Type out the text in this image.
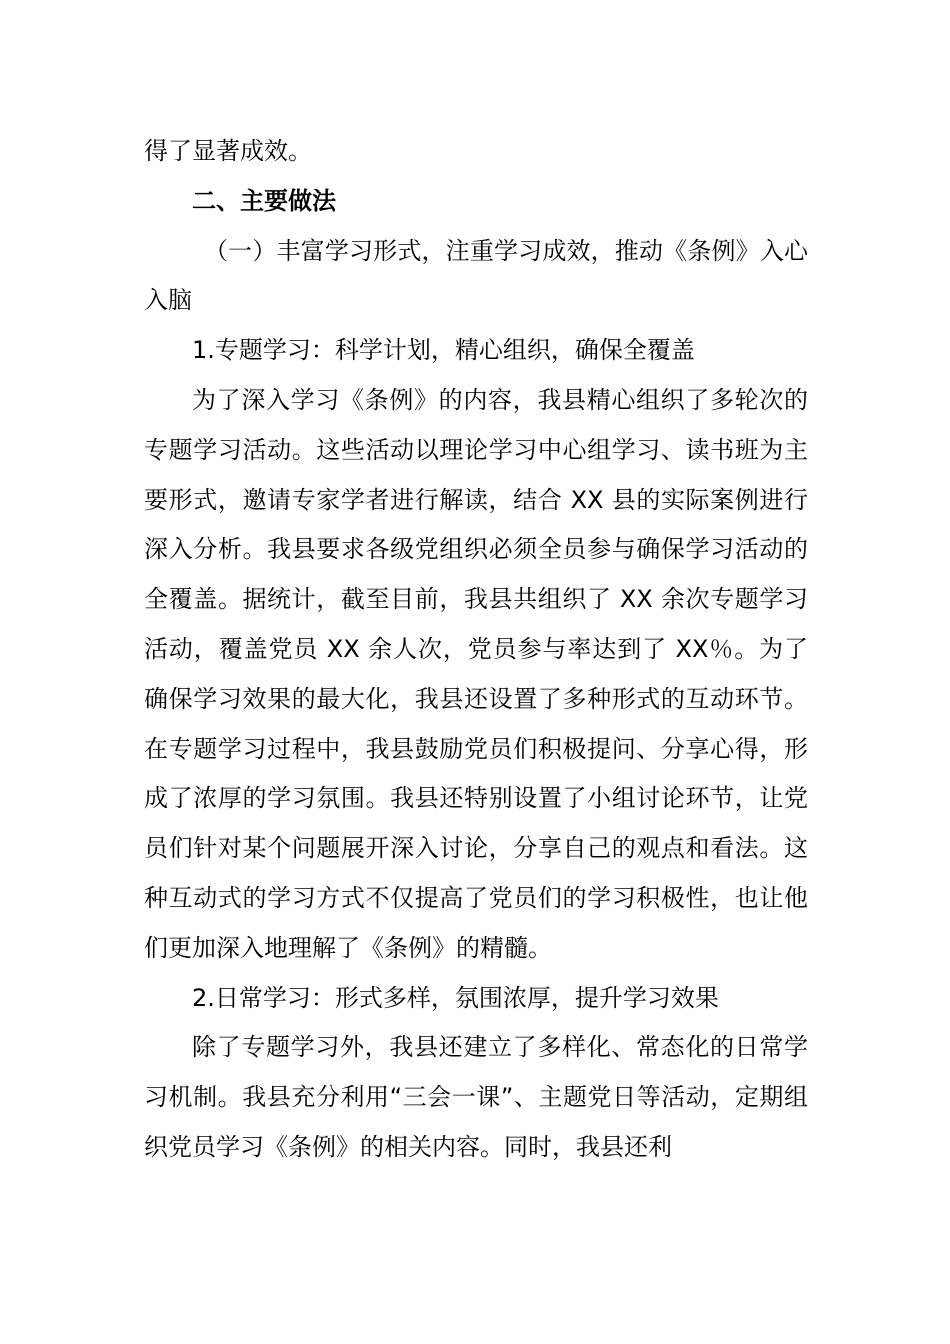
得了显著成效。

二、主要做法

（一）丰富学习形式，注重学习成效，推动《条例》入心入脑

1.专题学习：科学计划，精心组织，确保全覆盖

为了深入学习《条例》的内容，我县精心组织了多轮次的专题学习活动。这些活动以理论学习中心组学习、读书班为主要形式，邀请专家学者进行解读，结合 XX 县的实际案例进行深入分析。我县要求各级党组织必须全员参与确保学习活动的全覆盖。据统计，截至目前，我县共组织了 XX 余次专题学习活动，覆盖党员 XX 余人次，党员参与率达到了 XX％。为了确保学习效果的最大化，我县还设置了多种形式的互动环节。在专题学习过程中，我县鼓励党员们积极提问、分享心得，形成了浓厚的学习氛围。我县还特别设置了小组讨论环节，让党员们针对某个问题展开深入讨论，分享自己的观点和看法。这种互动式的学习方式不仅提高了党员们的学习积极性，也让他们更加深入地理解了《条例》的精髓。

2.日常学习：形式多样，氛围浓厚，提升学习效果

除了专题学习外，我县还建立了多样化、常态化的日常学习机制。我县充分利用“三会一课”、主题党日等活动，定期组织党员学习《条例》的相关内容。同时，我县还利
